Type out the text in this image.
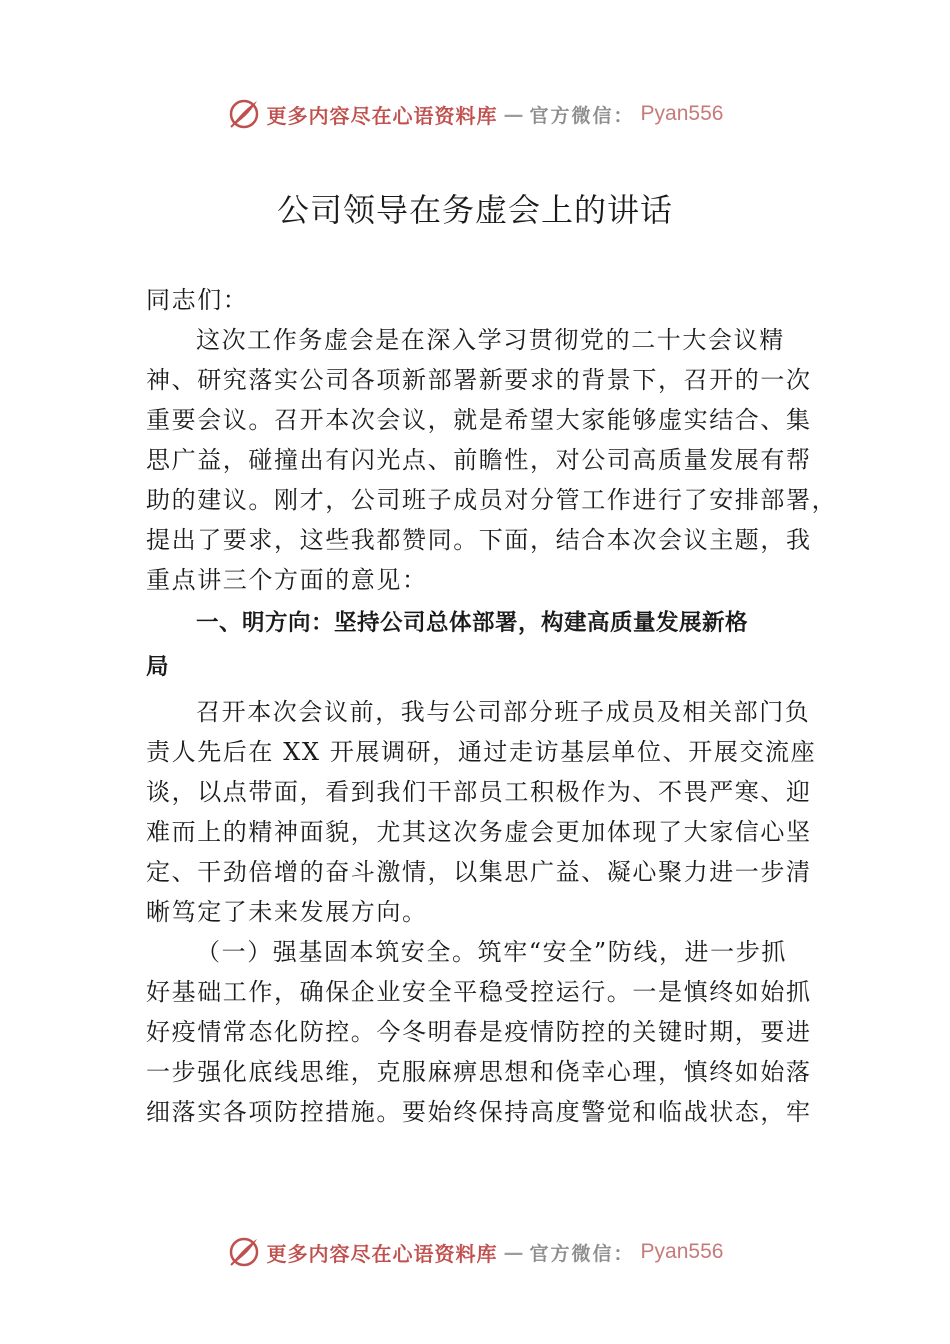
更多内容尽在心语资料库 — 官方微信： Pyan556
公司领导在务虚会上的讲话
同志们：
这次工作务虚会是在深入学习贯彻党的二十大会议精
神、研究落实公司各项新部署新要求的背景下，召开的一次
重要会议。召开本次会议，就是希望大家能够虚实结合、集
思广益，碰撞出有闪光点、前瞻性，对公司高质量发展有帮
助的建议。刚才，公司班子成员对分管工作进行了安排部署，
提出了要求，这些我都赞同。下面，结合本次会议主题，我
重点讲三个方面的意见：
一、明方向：坚持公司总体部署，构建高质量发展新格
局
召开本次会议前，我与公司部分班子成员及相关部门负
责人先后在 XX 开展调研，通过走访基层单位、开展交流座
谈，以点带面，看到我们干部员工积极作为、不畏严寒、迎
难而上的精神面貌，尤其这次务虚会更加体现了大家信心坚
定、干劲倍增的奋斗激情，以集思广益、凝心聚力进一步清
晰笃定了未来发展方向。
（一）强基固本筑安全。筑牢“安全”防线，进一步抓
好基础工作，确保企业安全平稳受控运行。一是慎终如始抓
好疫情常态化防控。今冬明春是疫情防控的关键时期，要进
一步强化底线思维，克服麻痹思想和侥幸心理，慎终如始落
细落实各项防控措施。要始终保持高度警觉和临战状态，牢
更多内容尽在心语资料库 — 官方微信： Pyan556
